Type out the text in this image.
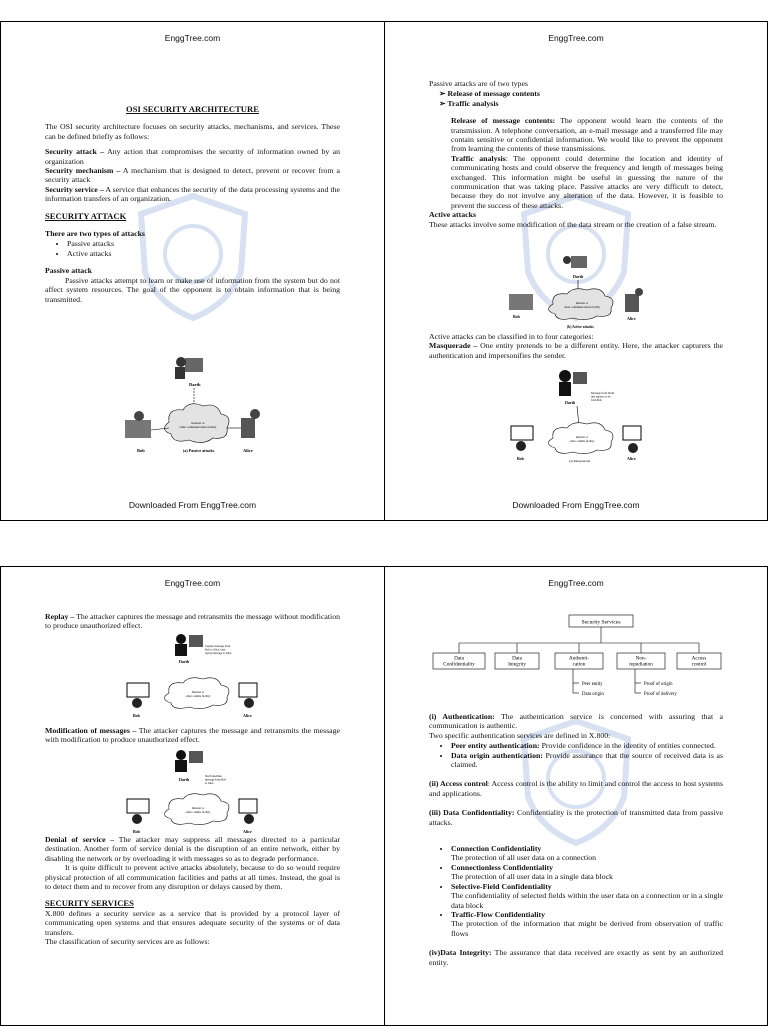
EnggTree.com

OSI SECURITY ARCHITECTURE

The OSI security architecture focuses on security attacks, mechanisms, and services. These can be defined briefly as follows:

Security attack – Any action that compromises the security of information owned by an organization

Security mechanism – A mechanism that is designed to detect, prevent or recover from a security attack

Security service – A service that enhances the security of the data processing systems and the information transfers of an organization.

SECURITY ATTACK

There are two types of attacks

• Passive attacks
• Active attacks

Passive attack

Passive attacks attempt to learn or make use of information from the system but do not affect system resources. The goal of the opponent is to obtain information that is being transmitted.

Darth
Internet or other communication facility
Bob	Alice
(a) Passive attacks
Downloaded From EnggTree.com
EnggTree.com

Passive attacks are of two types

➢ Release of message contents
➢ Traffic analysis

Release of message contents: The opponent would learn the contents of the transmission. A telephone conversation, an e-mail message and a transferred file may contain sensitive or confidential information. We would like to prevent the opponent from learning the contents of these transmissions.

Traffic analysis: The opponent could determine the location and identity of communicating hosts and could observe the frequency and length of messages being exchanged. This information might be useful in guessing the nature of the communication that was taking place. Passive attacks are very difficult to detect, because they do not involve any alteration of the data. However, it is feasible to prevent the success of these attacks.

Active attacks

These attacks involve some modification of the data stream or the creation of a false stream.

Darth
Internet or other communications facility
Bob	Alice
(b) Active attacks

Active attacks can be classified in to four categories:

Masquerade – One entity pretends to be a different entity. Here, the attacker capturers the authentication and impersonifies the sender.

Darth
Message from Darth that appears to be from Bob
Internet or other comms facility
Bob	Alice
(a) Masquerade
Downloaded From EnggTree.com
EnggTree.com

Replay – The attacker captures the message and retransmits the message without modification to produce unauthorized effect.

Darth
Capture message from Bob to Alice; later replay message to Alice
Internet or other comms facility
Bob	Alice

Modification of messages – The attacker captures the message and retransmits the message with modification to produce unauthorized effect.

Darth
Darth modifies message from Bob to Alice
Internet or other comms facility
Bob	Alice

Denial of service – The attacker may suppress all messages directed to a particular destination. Another form of service denial is the disruption of an entire network, either by disabling the network or by overloading it with messages so as to degrade performance.

It is quite difficult to prevent active attacks absolutely, because to do so would require physical protection of all communication facilities and paths at all times. Instead, the goal is to detect them and to recover from any disruption or delays caused by them.

SECURITY SERVICES

X.800 defines a security service as a service that is provided by a protocol layer of communicating open systems and that ensures adequate security of the systems or of data transfers.

The classification of security services are as follows:

EnggTree.com
Security Services
Data Confidentiality
Data Integrity
Authenti-cation
Non-repudiation
Access control
Peer entity
Data origin
Proof of origin
Proof of delivery

(i) Authentication: The authentication service is concerned with assuring that a communication is authentic.

Two specific authentication services are defined in X.800:

• Peer entity authentication: Provide confidence in the identity of entities connected.
• Data origin authentication: Provide assurance that the source of received data is as claimed.

(ii) Access control: Access control is the ability to limit and control the access to host systems and applications.

(iii) Data Confidentiality: Confidentiality is the protection of transmitted data from passive attacks.

• Connection Confidentiality
The protection of all user data on a connection
• Connectionless Confidentiality
The protection of all user data in a single data block
• Selective-Field Confidentiality
The confidentiality of selected fields within the user data on a connection or in a single data block
• Traffic-Flow Confidentiality
The protection of the information that might be derived from observation of traffic flows

(iv)Data Integrity: The assurance that data received are exactly as sent by an authorized entity.
